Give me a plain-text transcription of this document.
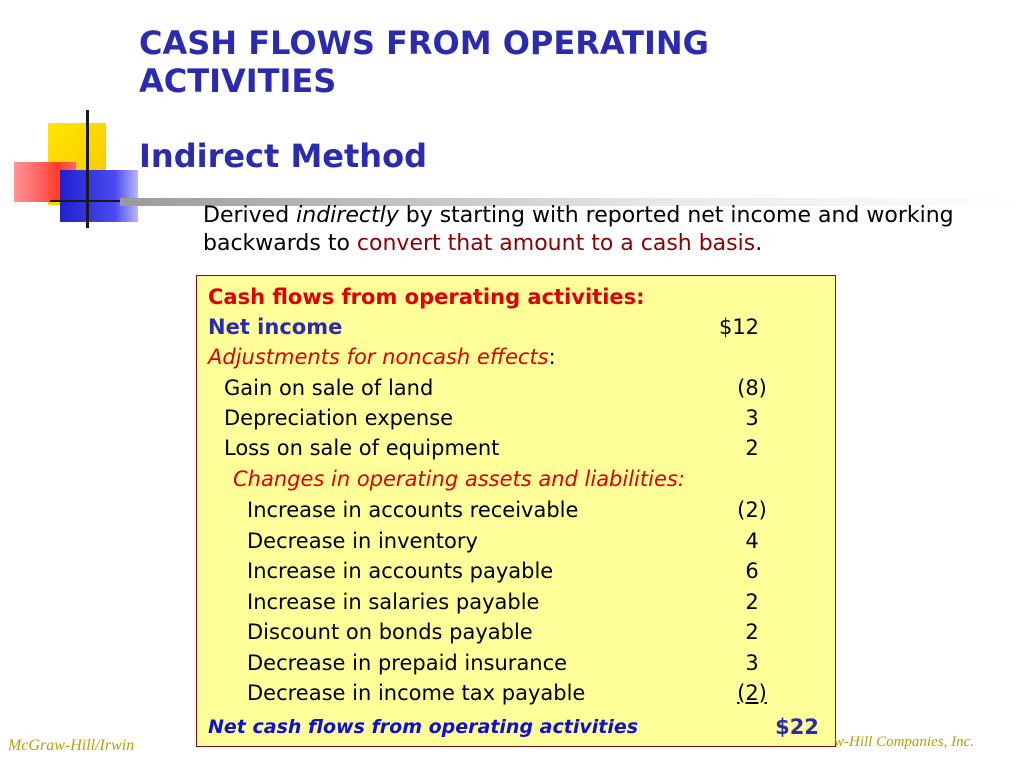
CASH FLOWS FROM OPERATING ACTIVITIES
Indirect Method
Derived indirectly by starting with reported net income and working backwards to convert that amount to a cash basis.
Cash flows from operating activities:
Net income	$12
Adjustments for noncash effects:
Gain on sale of land	(8)
Depreciation expense	3
Loss on sale of equipment	2
Changes in operating assets and liabilities:
Increase in accounts receivable	(2)
Decrease in inventory	4
Increase in accounts payable	6
Increase in salaries payable	2
Discount on bonds payable	2
Decrease in prepaid insurance	3
Decrease in income tax payable	(2)
Net cash flows from operating activities	$22
McGraw-Hill/Irwin	w-Hill Companies, Inc.
